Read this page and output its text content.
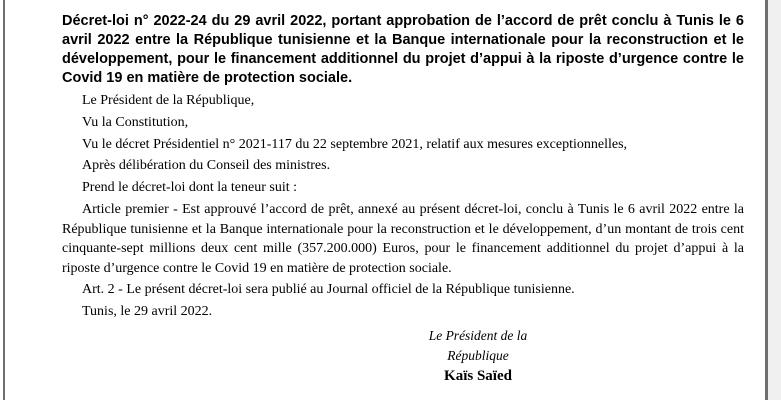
Décret-loi n° 2022-24 du 29 avril 2022, portant approbation de l’accord de prêt conclu à Tunis le 6 avril 2022 entre la République tunisienne et la Banque internationale pour la reconstruction et le développement, pour le financement additionnel du projet d’appui à la riposte d’urgence contre le Covid 19 en matière de protection sociale.

Le Président de la République,

Vu la Constitution,

Vu le décret Présidentiel n° 2021-117 du 22 septembre 2021, relatif aux mesures exceptionnelles,

Après délibération du Conseil des ministres.

Prend le décret-loi dont la teneur suit :

Article premier - Est approuvé l’accord de prêt, annexé au présent décret-loi, conclu à Tunis le 6 avril 2022 entre la République tunisienne et la Banque internationale pour la reconstruction et le développement, d’un montant de trois cent cinquante-sept millions deux cent mille (357.200.000) Euros, pour le financement additionnel du projet d’appui à la riposte d’urgence contre le Covid 19 en matière de protection sociale.

Art. 2 - Le présent décret-loi sera publié au Journal officiel de la République tunisienne.

Tunis, le 29 avril 2022.

Le Président de la République
Kaïs Saïed
